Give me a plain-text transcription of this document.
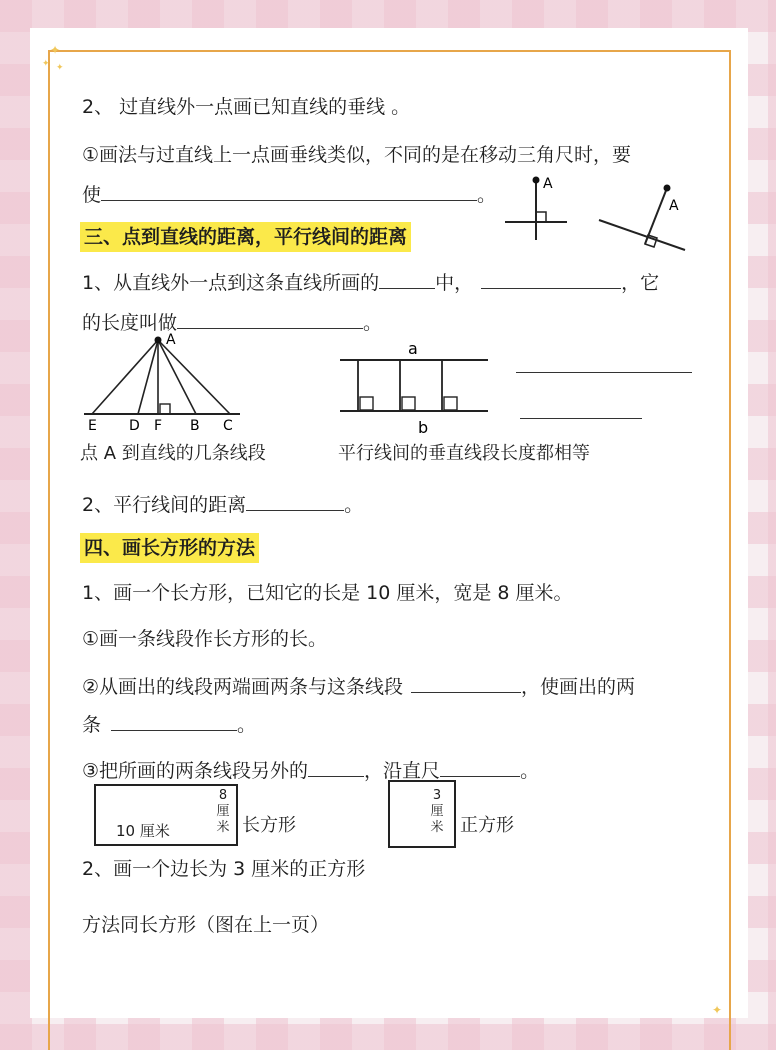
✦
✦ ✦
✦
2、 过直线外一点画已知直线的垂线 。
①画法与过直线上一点画垂线类似，不同的是在移动三角尺时，要
使	。	A
A
三、点到直线的距离，平行线间的距离
1、从直线外一点到这条直线所画的	中，	，它
的长度叫做	。
A
E D F B C
a
b
点 A 到直线的几条线段	平行线间的垂直线段长度都相等
2、平行线间的距离	。
四、画长方形的方法
1、画一个长方形，已知它的长是 10 厘米，宽是 8 厘米。
①画一条线段作长方形的长。
②从画出的线段两端画两条与这条线段	，使画出的两
条	。
③把所画的两条线段另外的	，沿直尺	。
10 厘米
8
厘
米 长方形
3
厘
米 正方形
2、画一个边长为 3 厘米的正方形
方法同长方形（图在上一页）
